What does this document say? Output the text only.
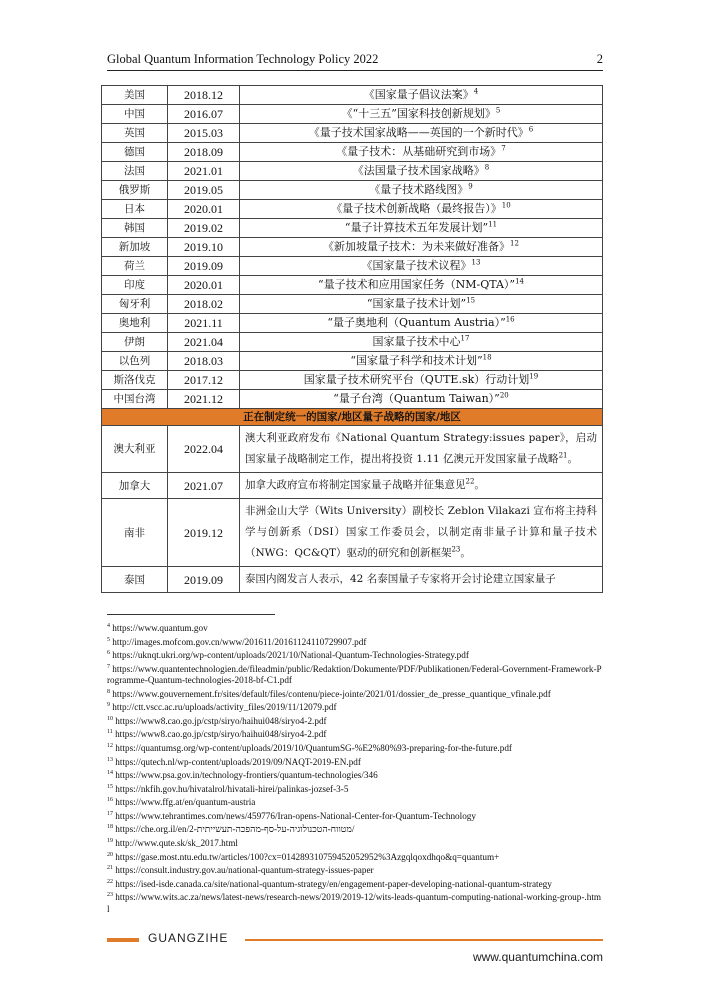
Global Quantum Information Technology Policy 2022	2
美国	2018.12	《国家量子倡议法案》$^4$
中国	2016.07	《“十三五”国家科技创新规划》$^5$
英国	2015.03	《量子技术国家战略——英国的一个新时代》$^6$
德国	2018.09	《量子技术：从基础研究到市场》$^7$
法国	2021.01	《法国量子技术国家战略》$^8$
俄罗斯	2019.05	《量子技术路线图》$^9$
日本	2020.01	《量子技术创新战略（最终报告）》$^{10}$
韩国	2019.02	“量子计算技术五年发展计划”$^{11}$
新加坡	2019.10	《新加坡量子技术：为未来做好准备》$^{12}$
荷兰	2019.09	《国家量子技术议程》$^{13}$
印度	2020.01	“量子技术和应用国家任务（NM-QTA）”$^{14}$
匈牙利	2018.02	“国家量子技术计划”$^{15}$
奥地利	2021.11	“量子奥地利（Quantum Austria）”$^{16}$
伊朗	2021.04	国家量子技术中心$^{17}$
以色列	2018.03	“国家量子科学和技术计划”$^{18}$
斯洛伐克	2017.12	国家量子技术研究平台（QUTE.sk）行动计划$^{19}$
中国台湾	2021.12	“量子台湾（Quantum Taiwan）”$^{20}$
正在制定统一的国家/地区量子战略的国家/地区		
澳大利亚	2022.04	澳大利亚政府发布《National Quantum Strategy:issues paper》，启动国家量子战略制定工作，提出将投资 1.11 亿澳元开发国家量子战略$^{21}$。
加拿大	2021.07	加拿大政府宣布将制定国家量子战略并征集意见$^{22}$。
南非	2019.12	非洲金山大学（Wits University）副校长 Zeblon Vilakazi 宣布将主持科学与创新系（DSI）国家工作委员会，以制定南非量子计算和量子技术（NWG：QC&QT）驱动的研究和创新框架$^{23}$。
泰国	2019.09	泰国内阁发言人表示，42 名泰国量子专家将开会讨论建立国家量子
$^4$ https://www.quantum.gov
$^5$ http://images.mofcom.gov.cn/www/201611/20161124110729907.pdf
$^6$ https://uknqt.ukri.org/wp-content/uploads/2021/10/National-Quantum-Technologies-Strategy.pdf
$^7$ https://www.quantentechnologien.de/fileadmin/public/Redaktion/Dokumente/PDF/Publikationen/Federal-Government-Framework-Programme-Quantum-technologies-2018-bf-C1.pdf
$^8$ https://www.gouvernement.fr/sites/default/files/contenu/piece-jointe/2021/01/dossier_de_presse_quantique_vfinale.pdf
$^9$ http://ctt.vscc.ac.ru/uploads/activity_files/2019/11/12079.pdf
$^{10}$ https://www8.cao.go.jp/cstp/siryo/haihui048/siryo4-2.pdf
$^{11}$ https://www8.cao.go.jp/cstp/siryo/haihui048/siryo4-2.pdf
$^{12}$ https://quantumsg.org/wp-content/uploads/2019/10/QuantumSG-%E2%80%93-preparing-for-the-future.pdf
$^{13}$ https://qutech.nl/wp-content/uploads/2019/09/NAQT-2019-EN.pdf
$^{14}$ https://www.psa.gov.in/technology-frontiers/quantum-technologies/346
$^{15}$ https://nkfih.gov.hu/hivatalrol/hivatali-hirei/palinkas-jozsef-3-5
$^{16}$ https://www.ffg.at/en/quantum-austria
$^{17}$ https://www.tehrantimes.com/news/459776/Iran-opens-National-Center-for-Quantum-Technology
$^{18}$ https://che.org.il/en/מטווח-הטכנולוגיה-על-סף-מהפכה-תעשייתית-2/
$^{19}$ http://www.qute.sk/sk_2017.html
$^{20}$ https://gase.most.ntu.edu.tw/articles/100?cx=014289310759452052952%3Azgqlqoxdhqo&q=quantum+
$^{21}$ https://consult.industry.gov.au/national-quantum-strategy-issues-paper
$^{22}$ https://ised-isde.canada.ca/site/national-quantum-strategy/en/engagement-paper-developing-national-quantum-strategy
$^{23}$ https://www.wits.ac.za/news/latest-news/research-news/2019/2019-12/wits-leads-quantum-computing-national-working-group-.html
GUANGZIHE
www.quantumchina.com
